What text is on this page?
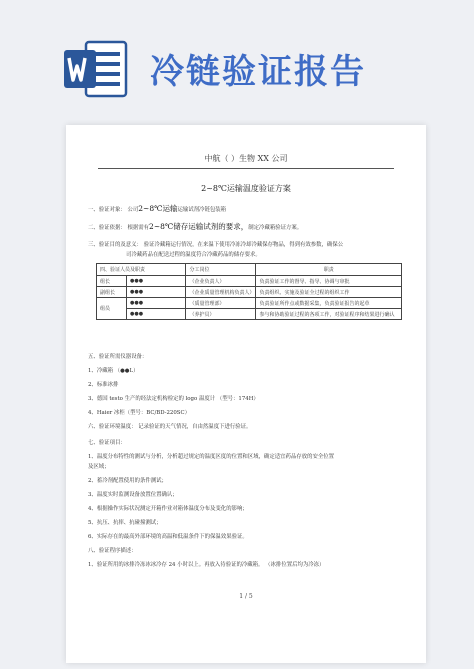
冷链验证报告
中航（ ）生物 XX 公司
2~8℃运输温度验证方案
一、验证对象： 公司2~8℃运输运输试剂冷链包装箱
二、验证依据： 根据需有2~8℃储存运输试剂的要求，制定冷藏箱验证方案。
三、验证目的及意义： 验证冷藏箱运行情况，在来温下使用冷冻冷却冷藏保存物品，得到有效参数，确保公
司冷藏药品在配送过程的温度符合冷藏药品的储存要求。
四、验证人员及职责		分工岗位	职责
组长	●●●	（企业负责人）	负责验证工作的督导、指导、协调与审批
副组长	●●●	（企业质量管理机构负责人）	负责组织、实施及验证全过程的组织工作
组员	●●●	（质量管理部）	负责验证所作点或数据采集，负责验证报告的起草
	●●●	（养护员）	参与和协助验证过程的各项工作，对验证程序和结果进行确认
五、验证所需仪器设备：
1、冷藏箱 （●●L）
2、标准冰排
3、德国 testo 生产的经法定机构检定的 logo 温度计 （型号：174H）
4、Haier 冰柜（型号：BC/BD-220SC）
六、验证环境温度： 记录验证的天气情况，自由然温度下进行验证。
七、验证项目：
1、温度分布特性的测试与分析，分析超过规定的温度区度的位置和区域，确定适宜药品存放的安全位置
及区域；
2、蓄冷剂配置使用的条件测试；
3、温度实时监测设备放置位置确认；
4、根据操作实际状况测定开箱作业对箱体温度分布及变化的影响；
5、抗压、抗摔、抗碰撞测试；
6、实际存在的最高外部环境的高温和低温条件下的保温效果验证。
八、验证程序描述：
1、验证所用的冰排冷冻冰冰冷存 24 小时以上。再放入待验证的冷藏箱。 （冰排位置后均为冷冻）
1 / 5
